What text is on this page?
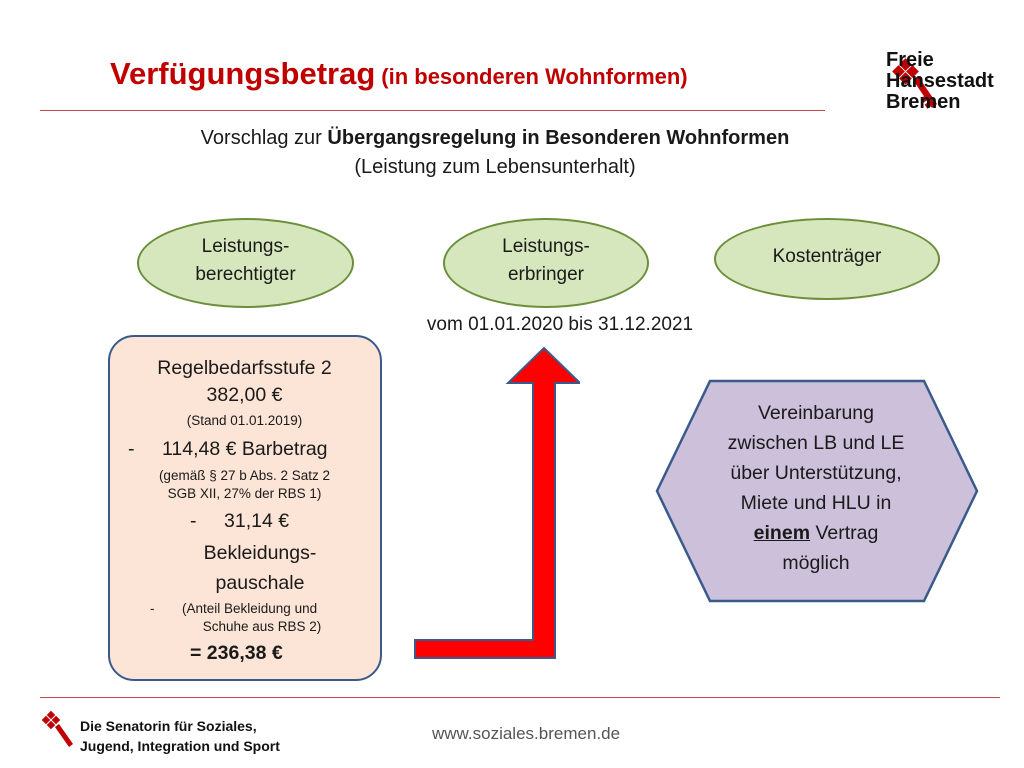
Verfügungsbetrag (in besonderen Wohnformen)
Freie
Hansestadt
Bremen
Vorschlag zur Übergangsregelung in Besonderen Wohnformen
(Leistung zum Lebensunterhalt)
Leistungs-
berechtigter
Leistungs-
erbringer
Kostenträger
vom 01.01.2020 bis 31.12.2021
Regelbedarfsstufe 2
382,00 €
(Stand 01.01.2019)
- 114,48 € Barbetrag
(gemäß § 27 b Abs. 2 Satz 2
SGB XII, 27% der RBS 1)
- 31,14 €
Bekleidungs-
pauschale
- (Anteil Bekleidung und
Schuhe aus RBS 2)
= 236,38 €
Vereinbarung
zwischen LB und LE
über Unterstützung,
Miete und HLU in
einem Vertrag
möglich
Die Senatorin für Soziales,
Jugend, Integration und Sport
www.soziales.bremen.de
